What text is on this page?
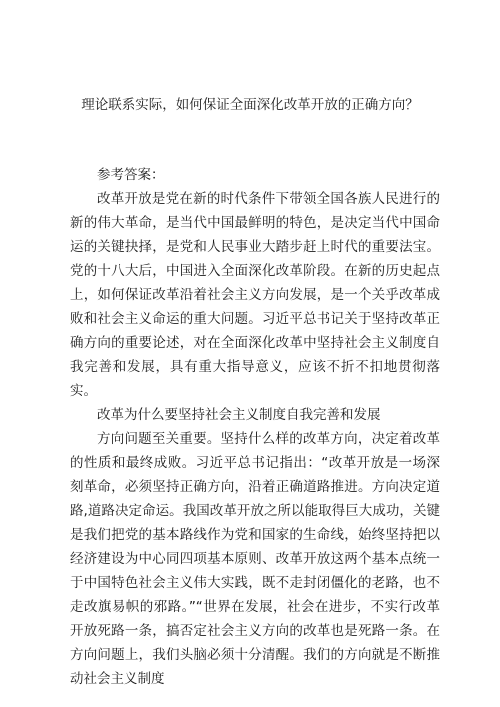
理论联系实际，如何保证全面深化改革开放的正确方向？
参考答案：

改革开放是党在新的时代条件下带领全国各族人民进行的新的伟大革命，是当代中国最鲜明的特色，是决定当代中国命运的关键抉择，是党和人民事业大踏步赶上时代的重要法宝。党的十八大后，中国进入全面深化改革阶段。在新的历史起点上，如何保证改革沿着社会主义方向发展，是一个关乎改革成败和社会主义命运的重大问题。习近平总书记关于坚持改革正确方向的重要论述，对在全面深化改革中坚持社会主义制度自我完善和发展，具有重大指导意义，应该不折不扣地贯彻落实。

改革为什么要坚持社会主义制度自我完善和发展

方向问题至关重要。坚持什么样的改革方向，决定着改革的性质和最终成败。习近平总书记指出：“改革开放是一场深刻革命，必须坚持正确方向，沿着正确道路推进。方向决定道路,道路决定命运。我国改革开放之所以能取得巨大成功，关键是我们把党的基本路线作为党和国家的生命线，始终坚持把以经济建设为中心同四项基本原则、改革开放这两个基本点统一于中国特色社会主义伟大实践，既不走封闭僵化的老路，也不走改旗易帜的邪路。”“世界在发展，社会在进步，不实行改革开放死路一条，搞否定社会主义方向的改革也是死路一条。在方向问题上，我们头脑必须十分清醒。我们的方向就是不断推动社会主义制度
